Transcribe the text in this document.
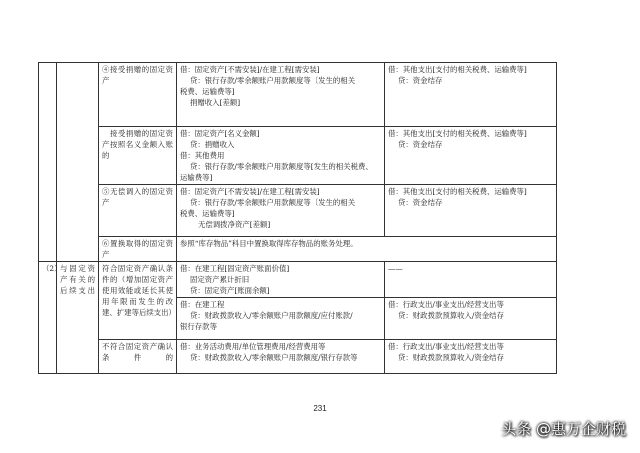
		④接受捐赠的固定资产	借：固定资产[不需安装]/在建工程[需安装]
贷：银行存款/零余额账户用款额度等〔发生的相关
税费、运输费等]
捐赠收入[差额]	借：其他支出[支付的相关税费、运输费等]
贷：资金结存

		接受捐赠的固定资产按照名义金额入账的	借：固定资产[名义金额]
贷：捐赠收入
借：其他费用
贷：银行存款/零余额账户用款额度等[发生的相关税费、
运输费等]	借：其他支出[支付的相关税费、运输费等]
贷：资金结存

		⑤无偿调入的固定资产	借：固定资产[不需安装]/在建工程[需安装]
贷：银行存款/零余额账户用款额度等〔发生的相关
税费、运输费等]
无偿调拨净资产[差额]	借：其他支出[支付的相关税费、运输费等]
贷：资金结存

		⑥置换取得的固定资产	参照“库存物品”科目中置换取得库存物品的账务处理。	

（2）	与固定资产有关的后续支出	符合固定资产确认条件的（增加固定资产使用效能或延长其使用年限而发生的改建、扩建等后续支出）	借：在建工程[固定资产账面价值]
固定资产累计折旧
贷：固定资产[账面余额]	——

			借：在建工程
贷：财政拨款收入/零余额账户用款额度/应付账款/
银行存款等	借：行政支出/事业支出/经营支出等
贷：财政拨款预算收入/资金结存

		不符合固定资产确认条件的	借：业务活动费用/单位管理费用/经营费用等
贷：财政拨款收入/零余额账户用款额度/银行存款等	借：行政支出/事业支出/经营支出等
贷：财政拨款预算收入/资金结存
231
头条 @惠万企财税
